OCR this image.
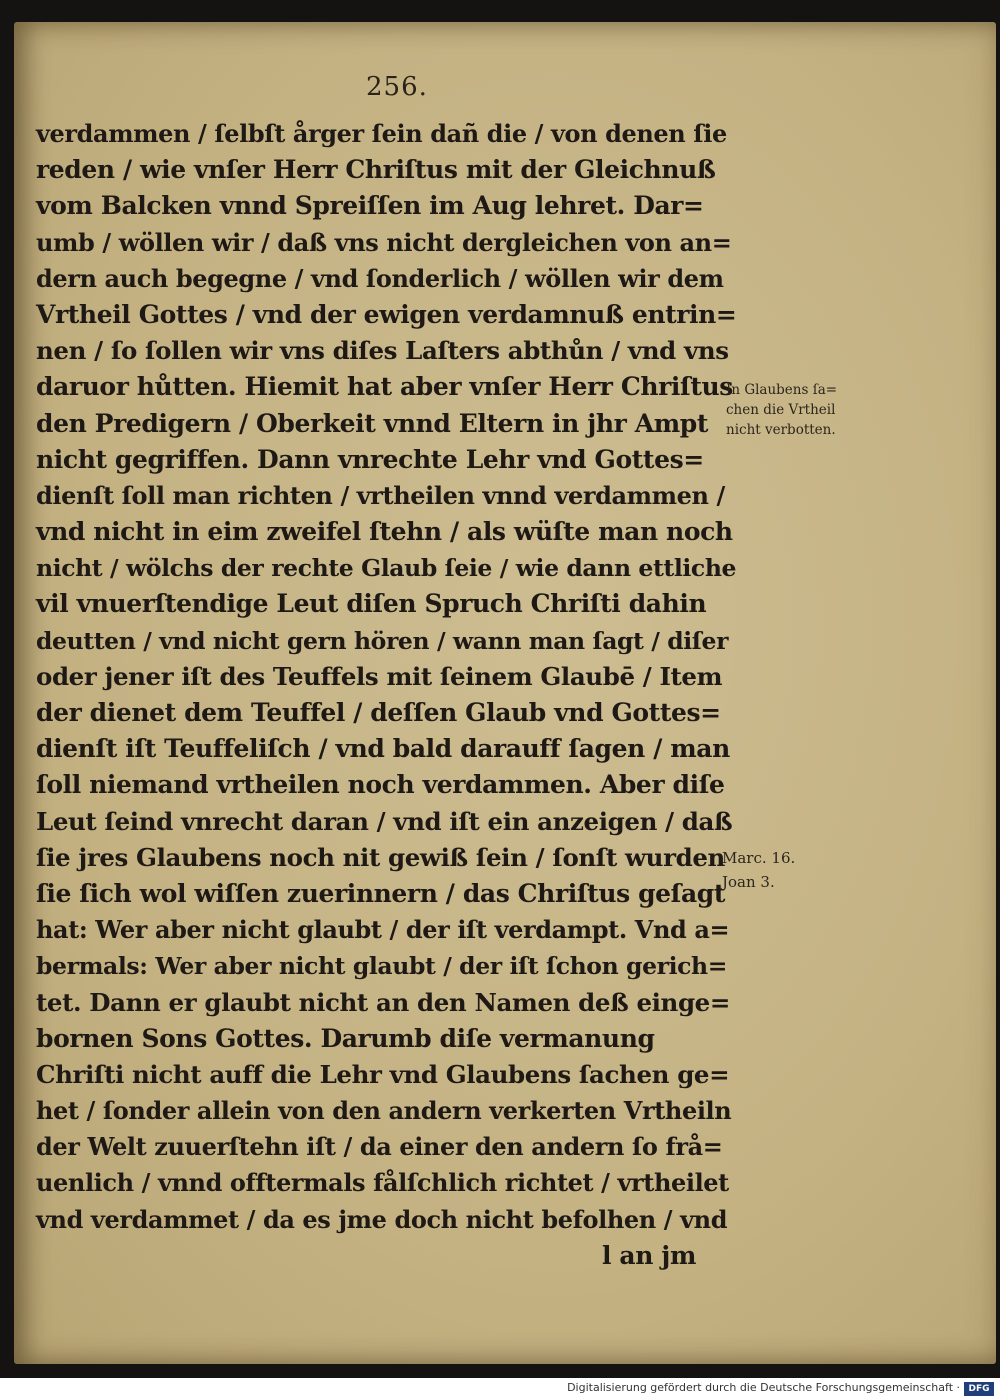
256.
verdammen / ſelbſt årger ſein dañ die / von denen ſie
reden / wie vnſer Herr Chriſtus mit der Gleichnuß
vom Balcken vnnd Spreiſſen im Aug lehret. Dar=
umb / wöllen wir / daß vns nicht dergleichen von an=
dern auch begegne / vnd ſonderlich / wöllen wir dem
Vrtheil Gottes / vnd der ewigen verdamnuß entrin=
nen / ſo ſollen wir vns diſes Laſters abthůn / vnd vns
daruor hůtten. Hiemit hat aber vnſer Herr Chriſtus
den Predigern / Oberkeit vnnd Eltern in jhr Ampt
nicht gegriffen. Dann vnrechte Lehr vnd Gottes=
dienſt ſoll man richten / vrtheilen vnnd verdammen /
vnd nicht in eim zweifel ſtehn / als wüſte man noch
nicht / wölchs der rechte Glaub ſeie / wie dann ettliche
vil vnuerſtendige Leut diſen Spruch Chriſti dahin
deutten / vnd nicht gern hören / wann man ſagt / diſer
oder jener iſt des Teuffels mit ſeinem Glaubē / Item
der dienet dem Teuffel / deſſen Glaub vnd Gottes=
dienſt iſt Teuffeliſch / vnd bald darauff ſagen / man
ſoll niemand vrtheilen noch verdammen. Aber diſe
Leut ſeind vnrecht daran / vnd iſt ein anzeigen / daß
ſie jres Glaubens noch nit gewiß ſein / ſonſt wurden
ſie ſich wol wiſſen zuerinnern / das Chriſtus geſagt
hat: Wer aber nicht glaubt / der iſt verdampt. Vnd a=
bermals: Wer aber nicht glaubt / der iſt ſchon gerich=
tet. Dann er glaubt nicht an den Namen deß einge=
bornen Sons Gottes. Darumb diſe vermanung
Chriſti nicht auff die Lehr vnd Glaubens ſachen ge=
het / ſonder allein von den andern verkerten Vrtheiln
der Welt zuuerſtehn iſt / da einer den andern ſo frå=
uenlich / vnnd offtermals fålſchlich richtet / vrtheilet
vnd verdammet / da es jme doch nicht befolhen / vnd
l an jm
In Glaubens ſa=
chen die Vrtheil
nicht verbotten.
Marc. 16.
Joan 3.
Digitalisierung gefördert durch die Deutsche Forschungsgemeinschaft · DFG
